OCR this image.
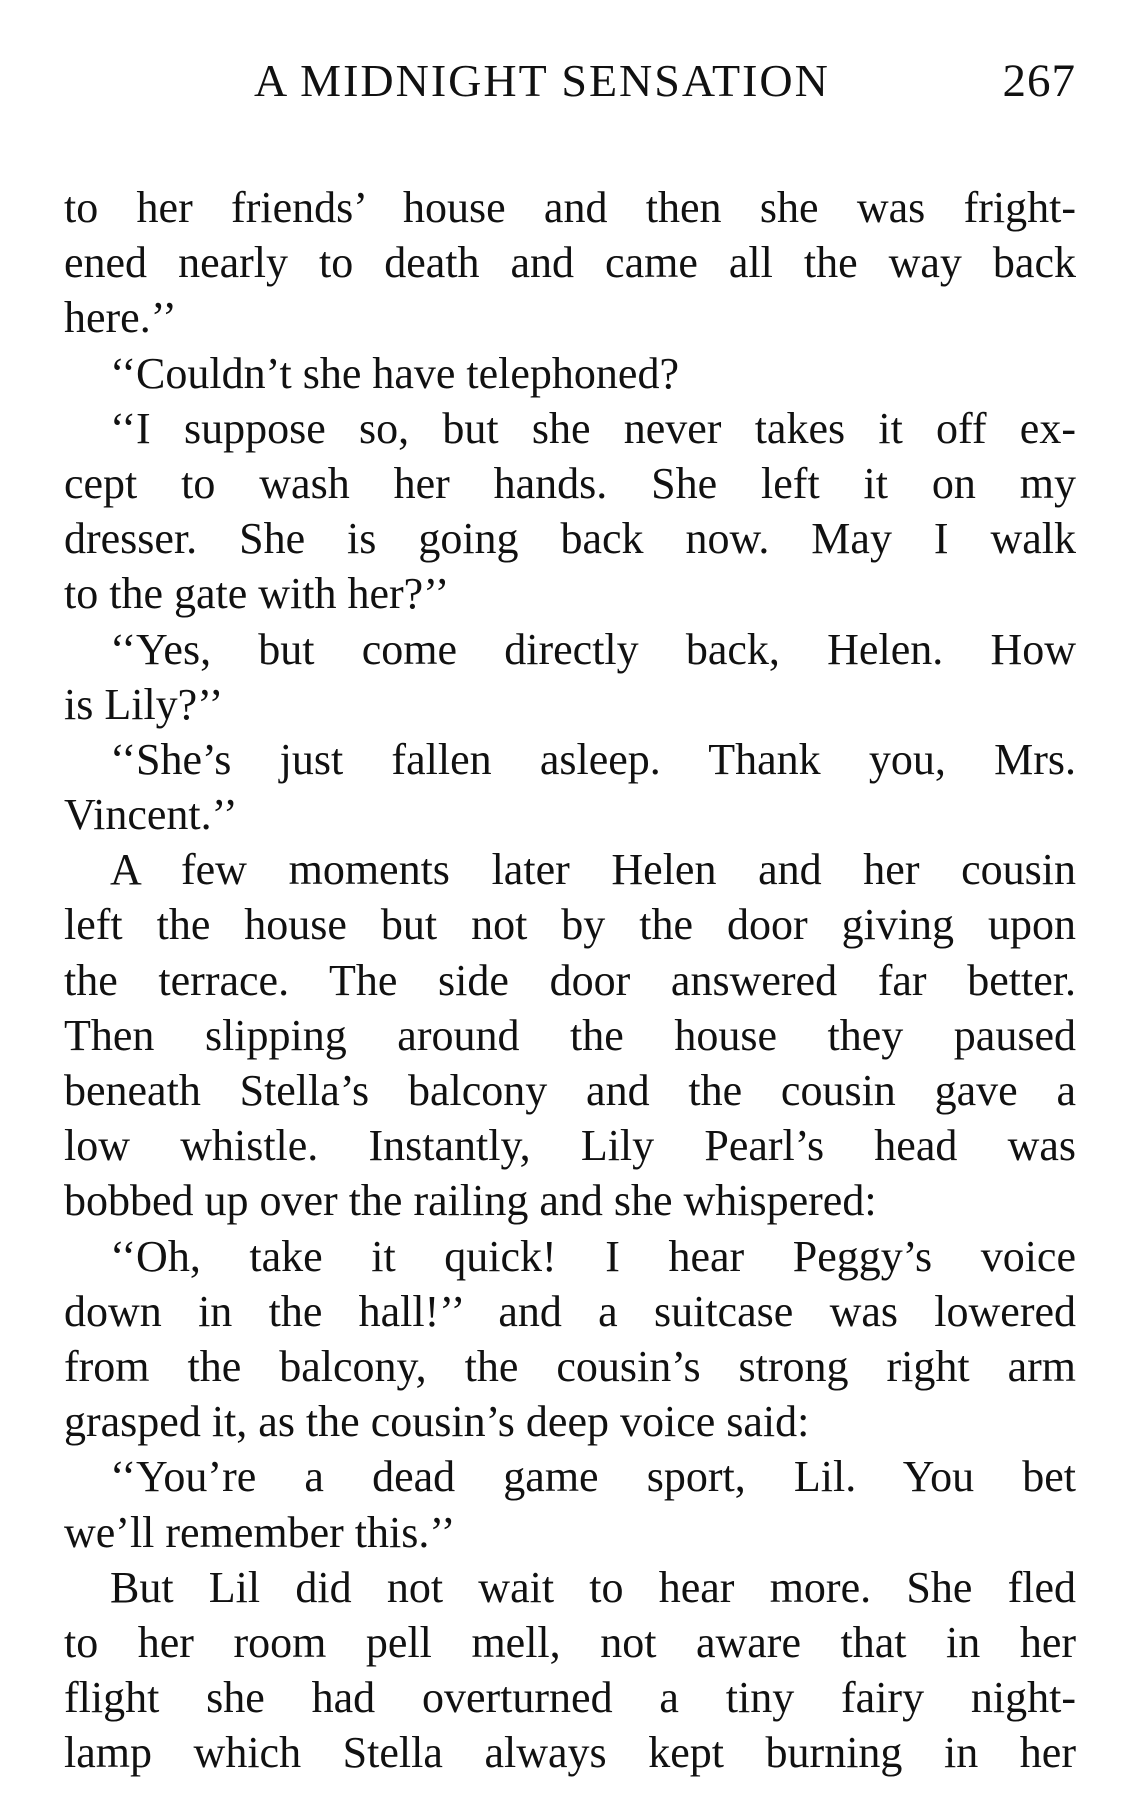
A MIDNIGHT SENSATION	267
to her friends’ house and then she was fright-
ened nearly to death and came all the way back
here.’’
‘‘Couldn’t she have telephoned?
‘‘I suppose so, but she never takes it off ex-
cept to wash her hands. She left it on my
dresser. She is going back now. May I walk
to the gate with her?’’
‘‘Yes, but come directly back, Helen. How
is Lily?’’
‘‘She’s just fallen asleep. Thank you, Mrs.
Vincent.’’
A few moments later Helen and her cousin
left the house but not by the door giving upon
the terrace. The side door answered far better.
Then slipping around the house they paused
beneath Stella’s balcony and the cousin gave a
low whistle. Instantly, Lily Pearl’s head was
bobbed up over the railing and she whispered:
‘‘Oh, take it quick! I hear Peggy’s voice
down in the hall!’’ and a suitcase was lowered
from the balcony, the cousin’s strong right arm
grasped it, as the cousin’s deep voice said:
‘‘You’re a dead game sport, Lil. You bet
we’ll remember this.’’
But Lil did not wait to hear more. She fled
to her room pell mell, not aware that in her
flight she had overturned a tiny fairy night-
lamp which Stella always kept burning in her
